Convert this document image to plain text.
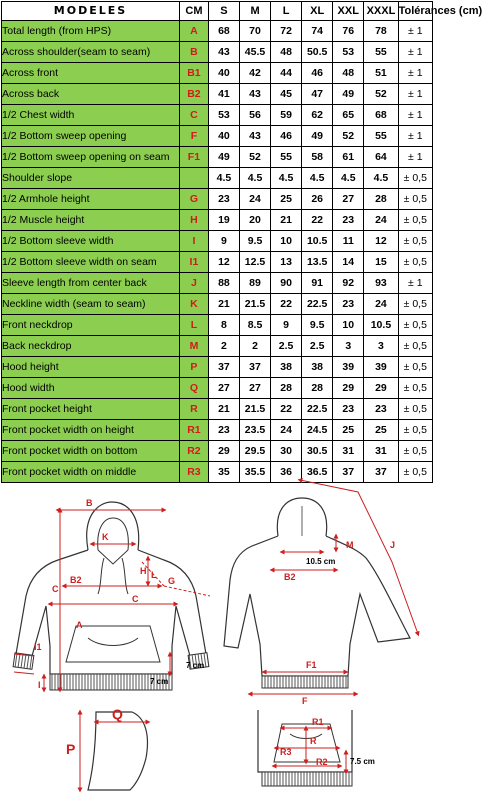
MODELES	CM	S	M	L	XL	XXL	XXXL	Tolérances (cm)
Total length (from HPS)	A	68	70	72	74	76	78	± 1
Across shoulder(seam to seam)	B	43	45.5	48	50.5	53	55	± 1
Across front	B1	40	42	44	46	48	51	± 1
Across back	B2	41	43	45	47	49	52	± 1
1/2 Chest width	C	53	56	59	62	65	68	± 1
1/2 Bottom sweep opening	F	40	43	46	49	52	55	± 1
1/2 Bottom sweep opening on seam	F1	49	52	55	58	61	64	± 1
Shoulder slope		4.5	4.5	4.5	4.5	4.5	4.5	± 0,5
1/2 Armhole height	G	23	24	25	26	27	28	± 0,5
1/2 Muscle height	H	19	20	21	22	23	24	± 0,5
1/2 Bottom sleeve width	I	9	9.5	10	10.5	11	12	± 0,5
1/2 Bottom sleeve width on seam	I1	12	12.5	13	13.5	14	15	± 0,5
Sleeve length from center back	J	88	89	90	91	92	93	± 1
Neckline width (seam to seam)	K	21	21.5	22	22.5	23	24	± 0,5
Front neckdrop	L	8	8.5	9	9.5	10	10.5	± 0,5
Back neckdrop	M	2	2	2.5	2.5	3	3	± 0,5
Hood height	P	37	37	38	38	39	39	± 0,5
Hood width	Q	27	27	28	28	29	29	± 0,5
Front pocket height	R	21	21.5	22	22.5	23	23	± 0,5
Front pocket width on height	R1	23	23.5	24	24.5	25	25	± 0,5
Front pocket width on bottom	R2	29	29.5	30	30.5	31	31	± 0,5
Front pocket width on middle	R3	35	35.5	36	36.5	37	37	± 0,5
B
K
H L
B2
C
C
G
A
I1
I
7 cm
7 cm
M
10.5 cm
B2
J
F1
F
Q
P
R1
R
R3
R2	7.5 cm
